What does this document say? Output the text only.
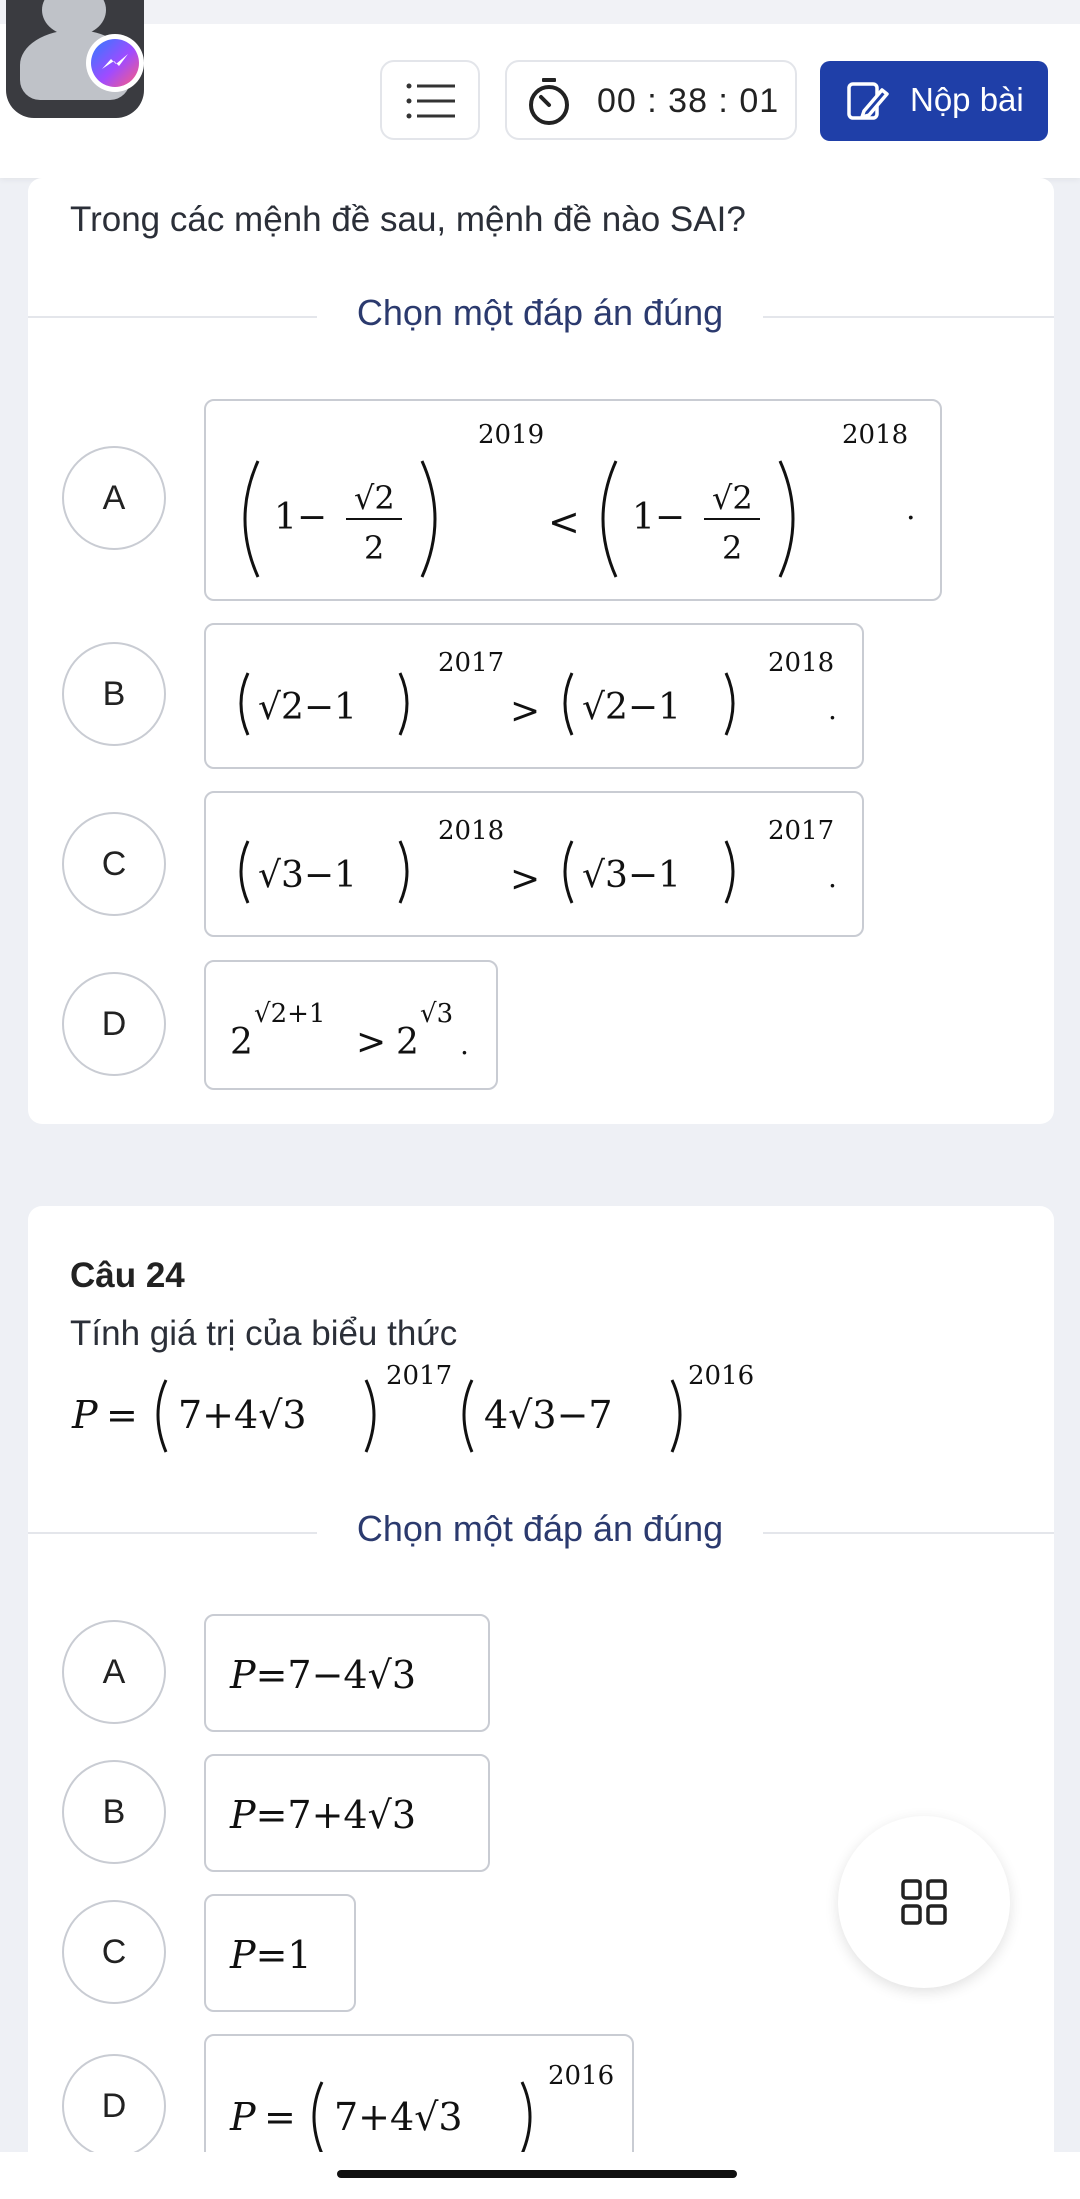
00 : 38 : 01	Nộp bài
Trong các mệnh đề sau, mệnh đề nào SAI?
Chọn một đáp án đúng
A	1− √2
2
2019
< 1− √2
2
2018
.
B	√2−1
2017
> √2−1
2018
.
C	√3−1
2018
> √3−1
2017
.
D	2
√2+1
> 2
√3
.
Câu 24
Tính giá trị của biểu thức
P = 7+4√3
2017
4√3−7
2016
Chọn một đáp án đúng
A	P=7−4√3
B	P=7+4√3
C	P=1
D	P = 7+4√3
2016
